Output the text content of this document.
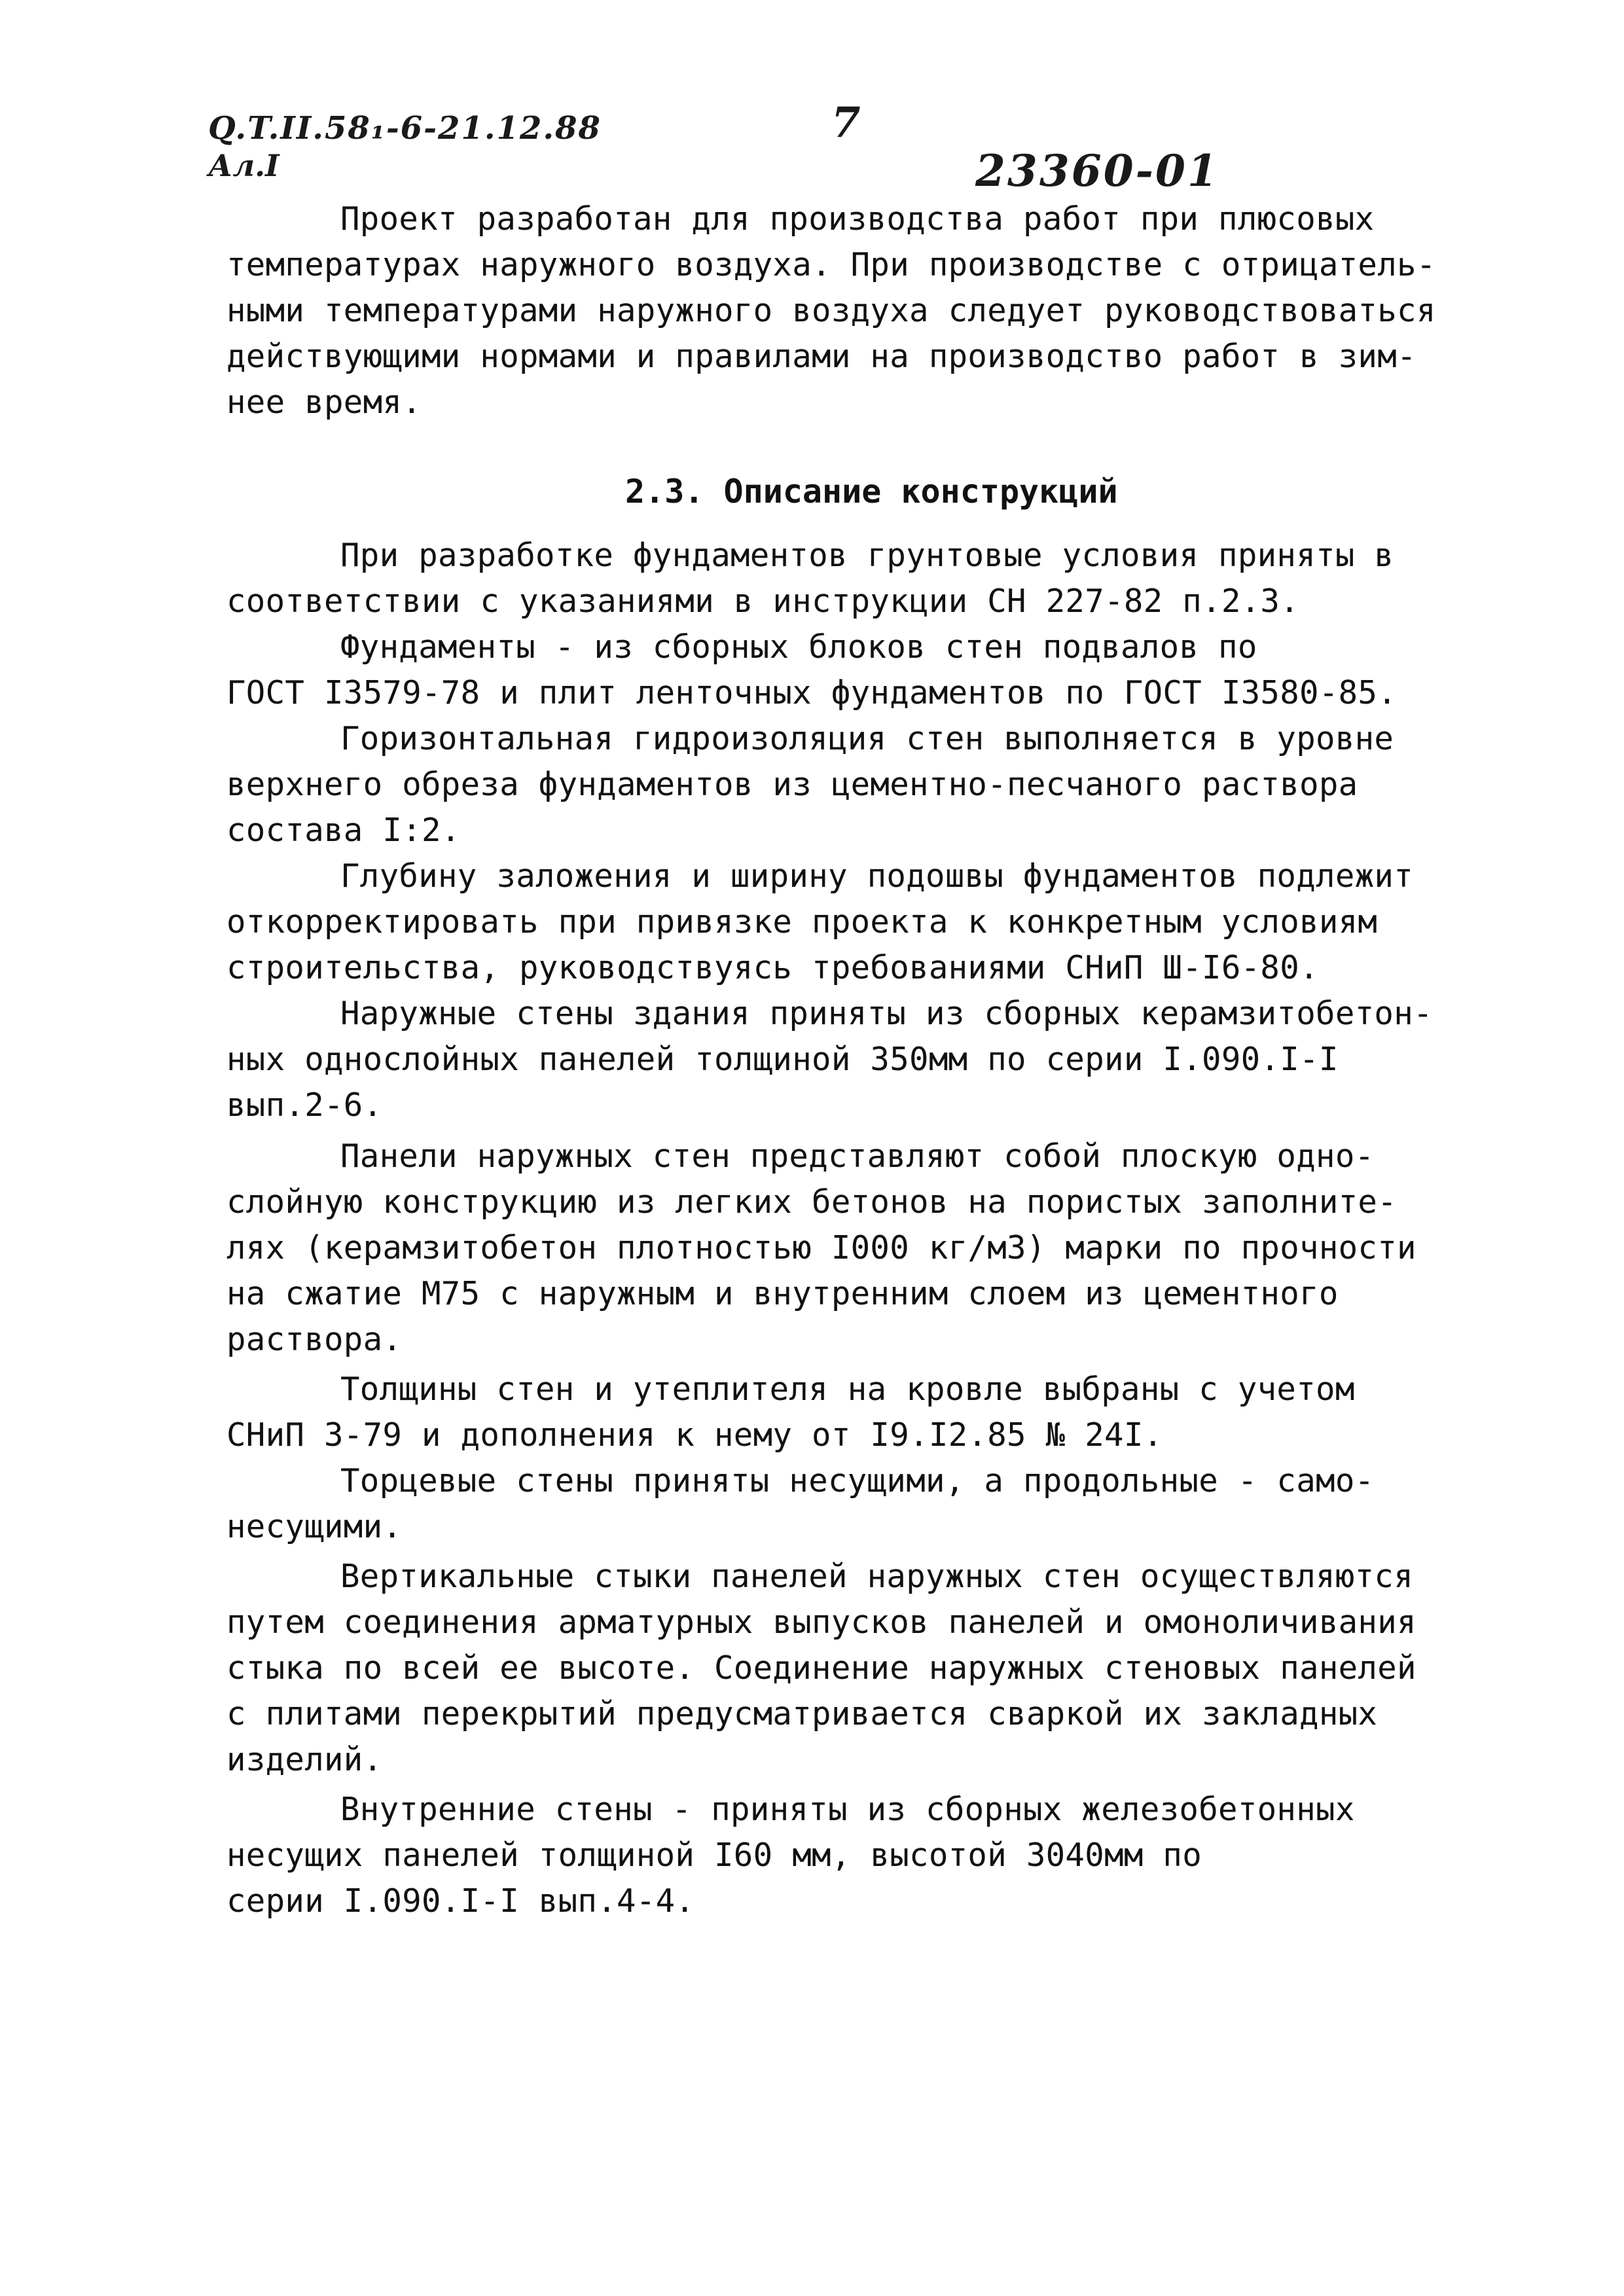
Q.T.II.58₁-6-21.12.88
Ал.I
7
23360-01
Проект разработан для производства работ при плюсовых
температурах наружного воздуха. При производстве с отрицатель-
ными температурами наружного воздуха следует руководствоваться
действующими нормами и правилами на производство работ в зим-
нее время.
2.3. Описание конструкций
При разработке фундаментов грунтовые условия приняты в
соответствии с указаниями в инструкции СН 227-82 п.2.3.
Фундаменты - из сборных блоков стен подвалов по
ГОСТ I3579-78 и плит ленточных фундаментов по ГОСТ I3580-85.
Горизонтальная гидроизоляция стен выполняется в уровне
верхнего обреза фундаментов из цементно-песчаного раствора
состава I:2.
Глубину заложения и ширину подошвы фундаментов подлежит
откорректировать при привязке проекта к конкретным условиям
строительства, руководствуясь требованиями СНиП Ш-I6-80.
Наружные стены здания приняты из сборных керамзитобетон-
ных однослойных панелей толщиной 350мм по серии I.090.I-I
вып.2-6.
Панели наружных стен представляют собой плоскую одно-
слойную конструкцию из легких бетонов на пористых заполните-
лях (керамзитобетон плотностью I000 кг/м3) марки по прочности
на сжатие М75 с наружным и внутренним слоем из цементного
раствора.
Толщины стен и утеплителя на кровле выбраны с учетом
СНиП 3-79 и дополнения к нему от I9.I2.85 № 24I.
Торцевые стены приняты несущими, а продольные - само-
несущими.
Вертикальные стыки панелей наружных стен осуществляются
путем соединения арматурных выпусков панелей и омоноличивания
стыка по всей ее высоте. Соединение наружных стеновых панелей
с плитами перекрытий предусматривается сваркой их закладных
изделий.
Внутренние стены - приняты из сборных железобетонных
несущих панелей толщиной I60 мм, высотой 3040мм по
серии I.090.I-I вып.4-4.
